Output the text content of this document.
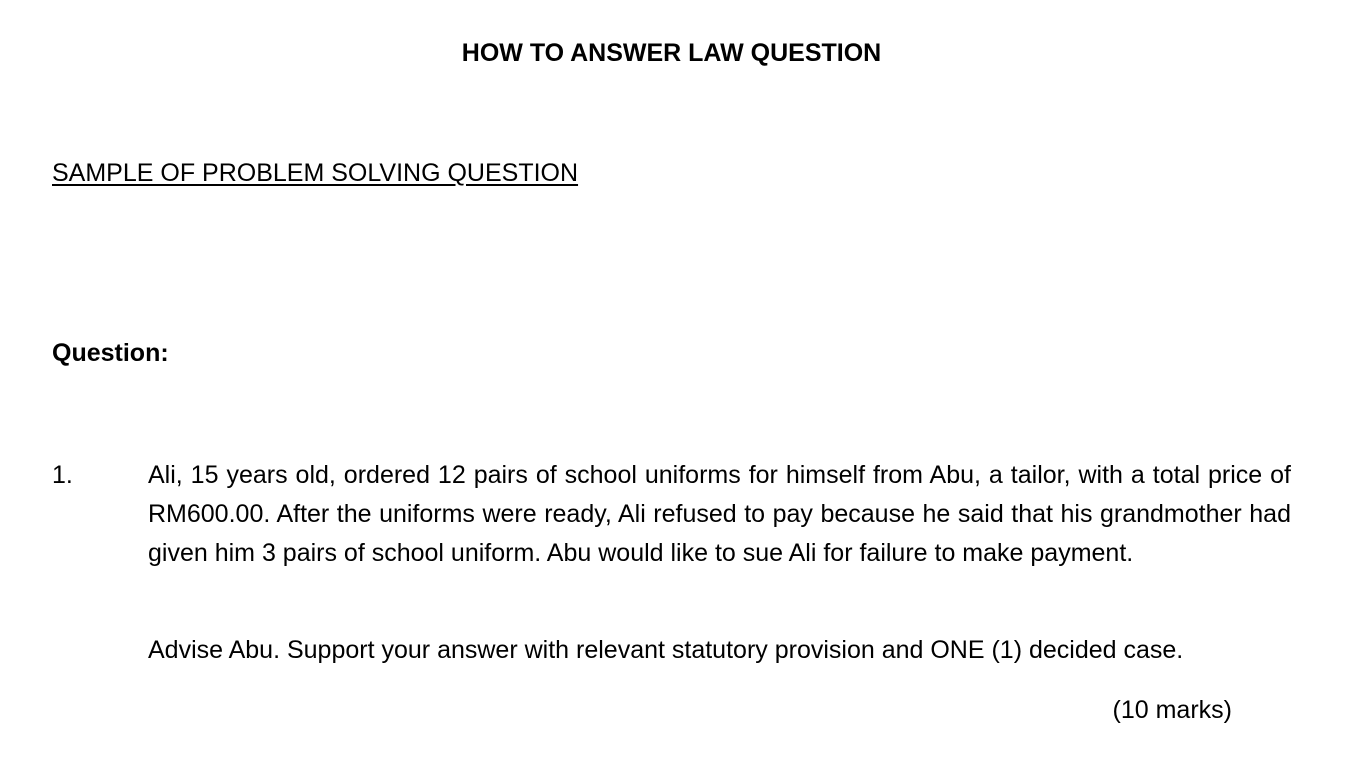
HOW TO ANSWER LAW QUESTION
SAMPLE OF PROBLEM SOLVING QUESTION
Question:
1.	Ali, 15 years old, ordered 12 pairs of school uniforms for himself from Abu, a tailor, with a total price of RM600.00. After the uniforms were ready, Ali refused to pay because he said that his grandmother had given him 3 pairs of school uniform. Abu would like to sue Ali for failure to make payment.

Advise Abu. Support your answer with relevant statutory provision and ONE (1) decided case.

(10 marks)
